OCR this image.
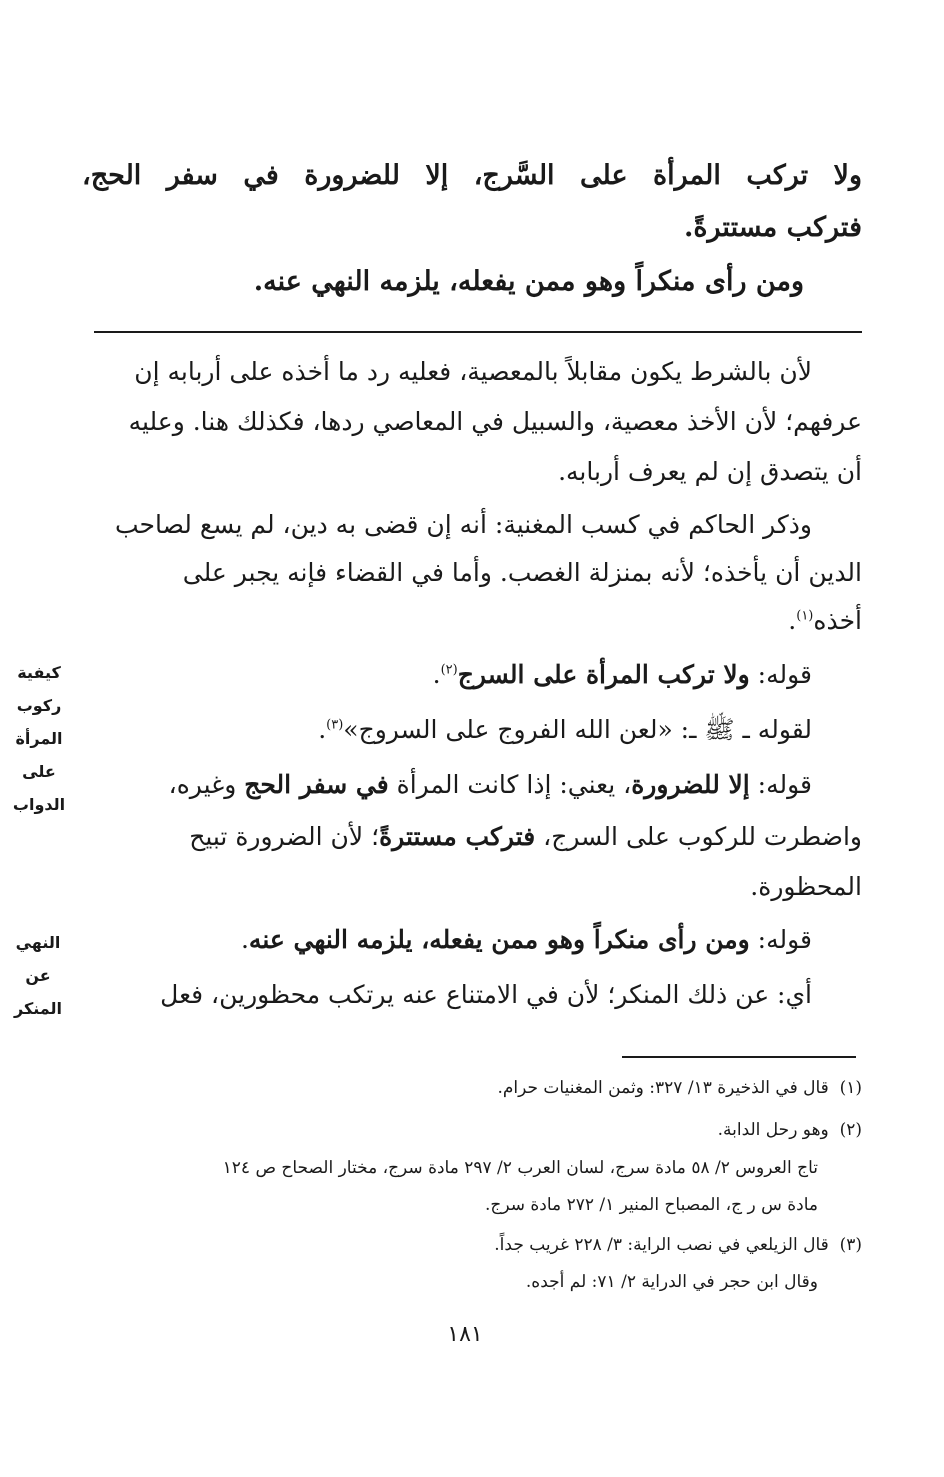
ولا تركب المرأة على السَّرج، إلا للضرورة في سفر الحج،
فتركب مستترةً.
ومن رأى منكراً وهو ممن يفعله، يلزمه النهي عنه.
لأن بالشرط يكون مقابلاً بالمعصية، فعليه رد ما أخذه على أربابه إن
عرفهم؛ لأن الأخذ معصية، والسبيل في المعاصي ردها، فكذلك هنا. وعليه
أن يتصدق إن لم يعرف أربابه.
وذكر الحاكم في كسب المغنية: أنه إن قضى به دين، لم يسع لصاحب
الدين أن يأخذه؛ لأنه بمنزلة الغصب. وأما في القضاء فإنه يجبر على
أخذه$^{(١)}$.
قوله: ولا تركب المرأة على السرج$^{(٢)}$.
لقوله ـ ﷺ ـ: «لعن الله الفروج على السروج»$^{(٣)}$.
قوله: إلا للضرورة، يعني: إذا كانت المرأة في سفر الحج وغيره،
واضطرت للركوب على السرج، فتركب مستترةً؛ لأن الضرورة تبيح
المحظورة.
قوله: ومن رأى منكراً وهو ممن يفعله، يلزمه النهي عنه.
أي: عن ذلك المنكر؛ لأن في الامتناع عنه يرتكب محظورين، فعل
كيفية
ركوب
المرأة
على
الدواب
النهي عن
المنكر
(١)  قال في الذخيرة ١٣/ ٣٢٧: وثمن المغنيات حرام.
(٢)  وهو رحل الدابة.
تاج العروس ٢/ ٥٨ مادة سرج، لسان العرب ٢/ ٢٩٧ مادة سرج، مختار الصحاح ص ١٢٤
مادة س ر ج، المصباح المنير ١/ ٢٧٢ مادة سرج.
(٣)  قال الزيلعي في نصب الراية: ٣/ ٢٢٨ غريب جداً.
وقال ابن حجر في الدراية ٢/ ٧١: لم أجده.
١٨١
